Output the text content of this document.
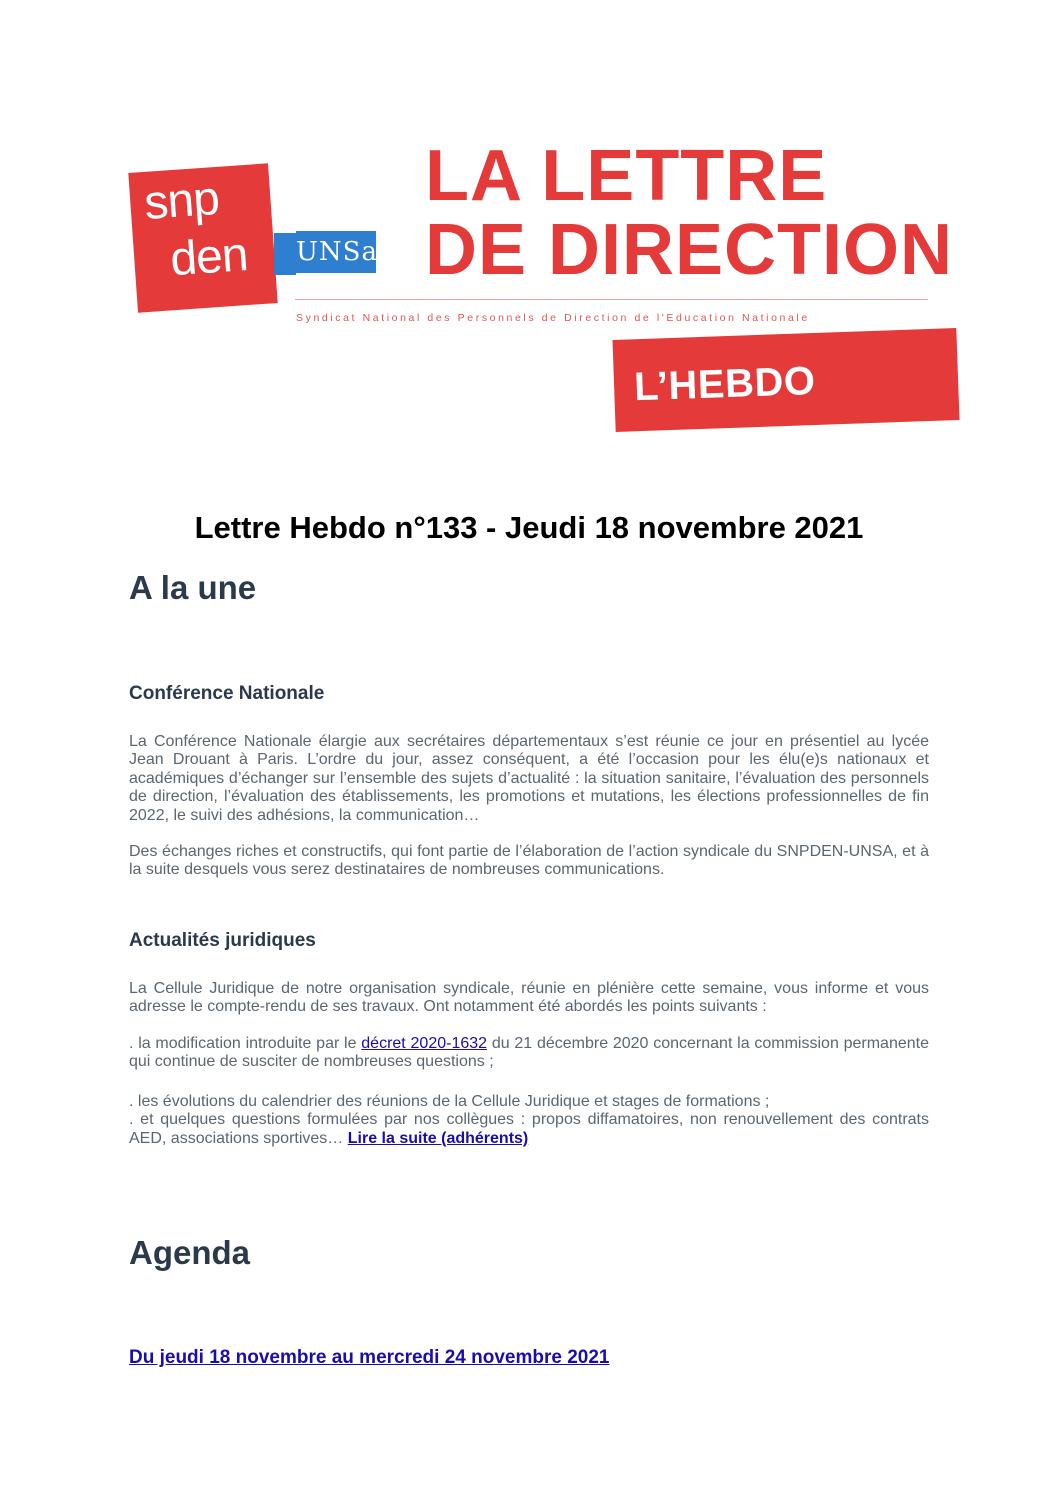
snp
den UNSa
LA LETTRE
DE DIRECTION
Syndicat National des Personnels de Direction de l'Education Nationale
L’HEBDO
Lettre Hebdo n°133 - Jeudi 18 novembre 2021
A la une
Conférence Nationale
La Conférence Nationale élargie aux secrétaires départementaux s’est réunie ce jour en présentiel au lycée Jean Drouant à Paris. L’ordre du jour, assez conséquent, a été l’occasion pour les élu(e)s nationaux et académiques d’échanger sur l’ensemble des sujets d’actualité : la situation sanitaire, l’évaluation des personnels de direction, l’évaluation des établissements, les promotions et mutations, les élections professionnelles de fin 2022, le suivi des adhésions, la communication…
Des échanges riches et constructifs, qui font partie de l’élaboration de l’action syndicale du SNPDEN-UNSA, et à la suite desquels vous serez destinataires de nombreuses communications.
Actualités juridiques
La Cellule Juridique de notre organisation syndicale, réunie en plénière cette semaine, vous informe et vous adresse le compte-rendu de ses travaux. Ont notamment été abordés les points suivants :
. la modification introduite par le décret 2020-1632 du 21 décembre 2020 concernant la commission permanente qui continue de susciter de nombreuses questions ;
. les évolutions du calendrier des réunions de la Cellule Juridique et stages de formations ;
. et quelques questions formulées par nos collègues : propos diffamatoires, non renouvellement des contrats AED, associations sportives… Lire la suite (adhérents)
Agenda
Du jeudi 18 novembre au mercredi 24 novembre 2021
